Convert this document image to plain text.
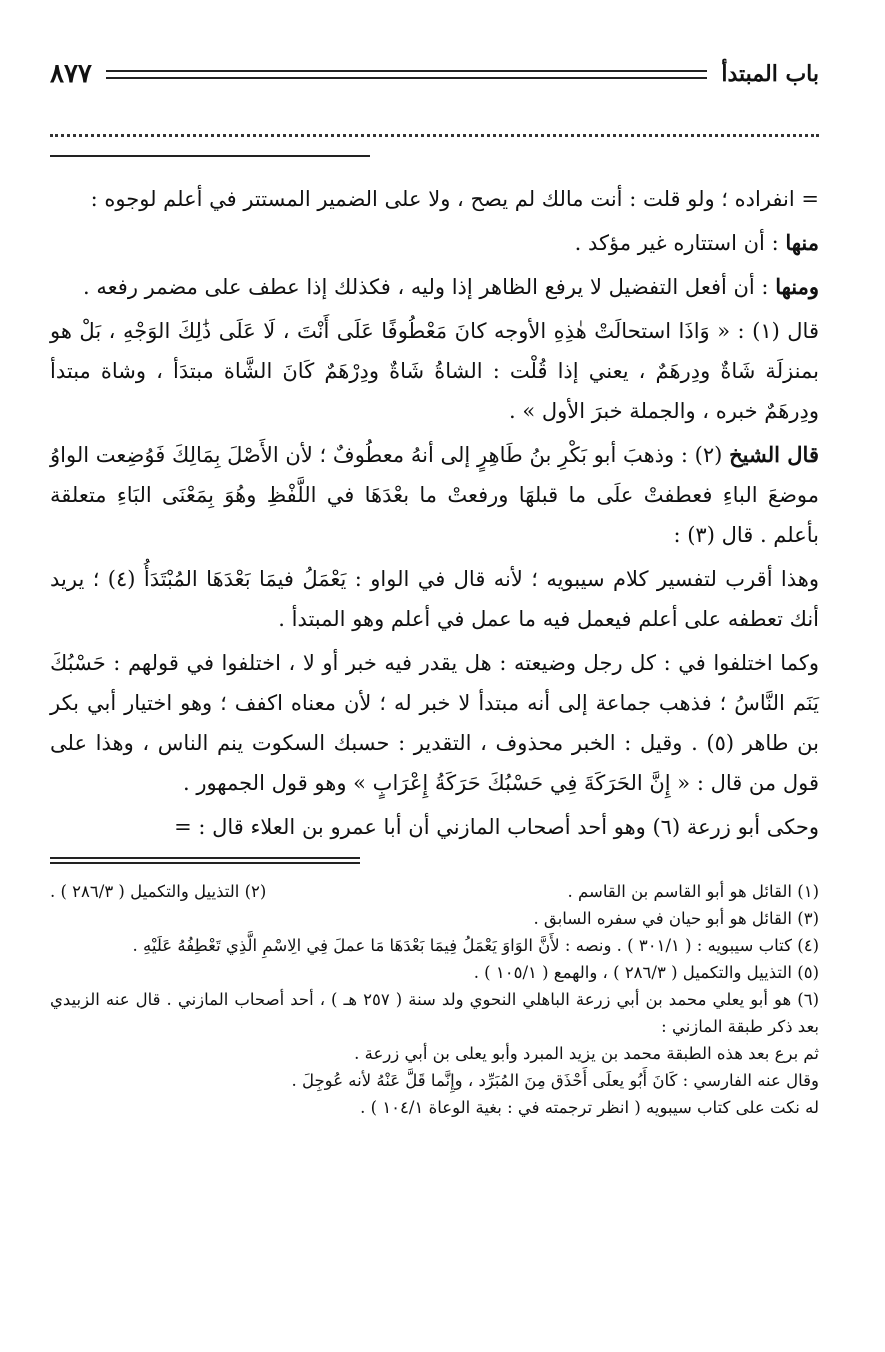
باب المبتدأ
٨٧٧

= انفراده ؛ ولو قلت : أنت مالك لم يصح ، ولا على الضمير المستتر في أعلم لوجوه :

منها : أن استتاره غير مؤكد .

ومنها : أن أفعل التفضيل لا يرفع الظاهر إذا وليه ، فكذلك إذا عطف على مضمر رفعه .

قال (١) : « وَاذَا استحالَتْ هٰذِهِ الأوجه كانَ مَعْطُوفًا عَلَى أَنْتَ ، لَا عَلَى ذَٰلِكَ الوَجْهِ ، بَلْ هو بمنزلَة شَاةٌ ودِرهَمٌ ، يعني إذا قُلْت : الشاةُ شَاةٌ ودِرْهَمٌ كَانَ الشَّاة مبتدَأ ، وشاة مبتدأ ودِرهَمٌ خبره ، والجملة خبرَ الأول » .

قال الشيخ (٢) : وذهبَ أبو بَكْرِ بنُ طَاهِرٍ إلى أنهُ معطُوفٌ ؛ لأن الأَصْلَ بِمَالِكَ فَوُضِعت الواوُ موضعَ الباءِ فعطفتْ علَى ما قبلهَا ورفعتْ ما بعْدَهَا في اللَّفْظِ وهُوَ بِمَعْنَى البَاءِ متعلقة بأعلم . قال (٣) :

وهذا أقرب لتفسير كلام سيبويه ؛ لأنه قال في الواو : يَعْمَلُ فيمَا بَعْدَهَا المُبْتَدَأُ (٤) ؛ يريد أنك تعطفه على أعلم فيعمل فيه ما عمل في أعلم وهو المبتدأ .

وكما اختلفوا في : كل رجل وضيعته : هل يقدر فيه خبر أو لا ، اختلفوا في قولهم : حَسْبُكَ يَنَم النَّاسُ ؛ فذهب جماعة إلى أنه مبتدأ لا خبر له ؛ لأن معناه اكفف ؛ وهو اختيار أبي بكر بن طاهر (٥) . وقيل : الخبر محذوف ، التقدير : حسبك السكوت ينم الناس ، وهذا على قول من قال : « إِنَّ الحَرَكَةَ فِي حَسْبُكَ حَرَكَةُ إِعْرَابٍ » وهو قول الجمهور .

وحكى أبو زرعة (٦) وهو أحد أصحاب المازني أن أبا عمرو بن العلاء قال : =

(١) القائل هو أبو القاسم بن القاسم .
(٢) التذييل والتكميل ( ٢٨٦/٣ ) .

(٣) القائل هو أبو حيان في سفره السابق .

(٤) كتاب سيبويه : ( ٣٠١/١ ) . ونصه : لأَنَّ الوَاوَ يَعْمَلُ فِيمَا بَعْدَهَا مَا عملَ فِي الِاسْمِ الَّذِي تَعْطِفُهُ عَلَيْهِ .

(٥) التذييل والتكميل ( ٢٨٦/٣ ) ، والهمع ( ١٠٥/١ ) .

(٦) هو أبو يعلي محمد بن أبي زرعة الباهلي النحوي ولد سنة ( ٢٥٧ هـ ) ، أحد أصحاب المازني . قال عنه الزبيدي بعد ذكر طبقة المازني :

ثم برع بعد هذه الطبقة محمد بن يزيد المبرد وأبو يعلى بن أبي زرعة .

وقال عنه الفارسي : كَانَ أَبُو يعلَى أَحْذَق مِنَ المُبَرِّد ، وإِنَّما قَلَّ عَنْهُ لأنه عُوجِلَ .

له نكت على كتاب سيبويه ( انظر ترجمته في : بغية الوعاة ١٠٤/١ ) .
